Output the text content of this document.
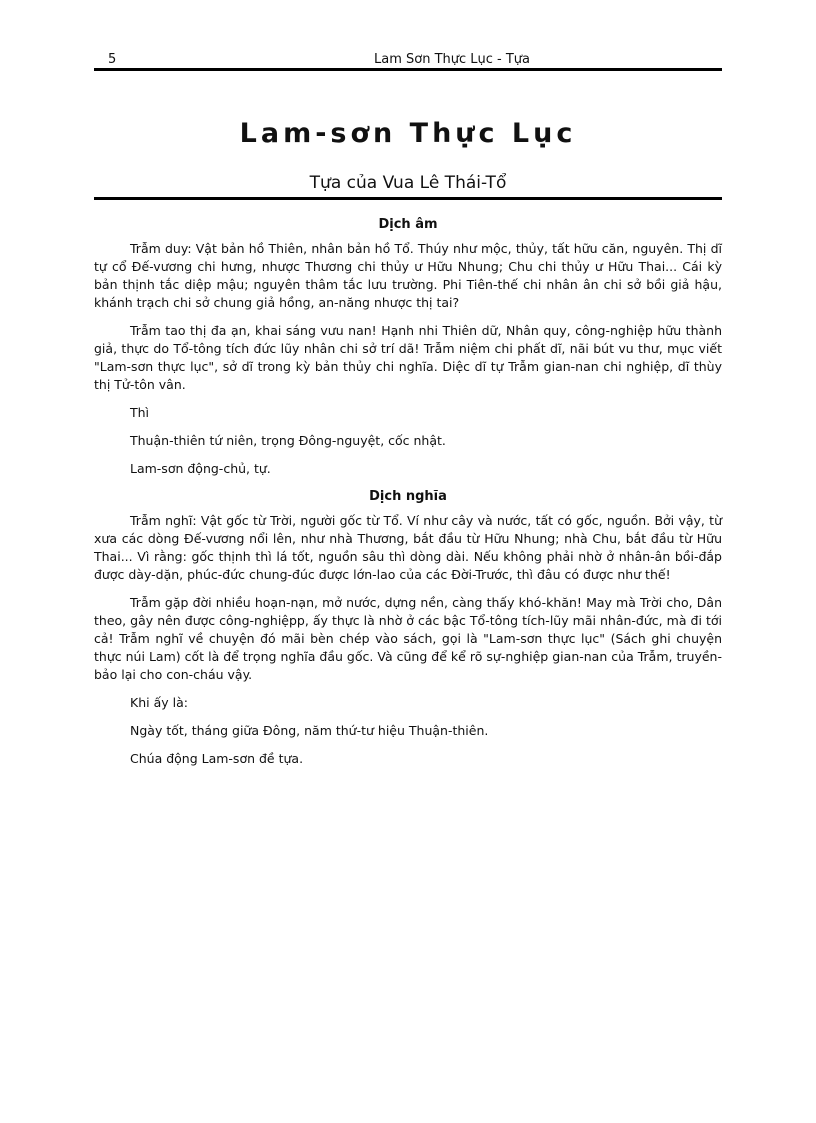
5	Lam Sơn Thực Lục - Tựa
Lam-sơn Thực Lục
Tựa của Vua Lê Thái-Tổ
Dịch âm

Trẫm duy: Vật bản hồ Thiên, nhân bản hồ Tổ. Thúy như mộc, thủy, tất hữu căn, nguyên. Thị dĩ tự cổ Đế-vương chi hưng, nhược Thương chi thủy ư Hữu Nhung; Chu chi thủy ư Hữu Thai... Cái kỳ bản thịnh tắc diệp mậu; nguyên thâm tắc lưu trường. Phi Tiên-thế chi nhân ân chi sở bồi giả hậu, khánh trạch chi sở chung giả hồng, an-năng nhược thị tai?

Trẫm tao thị đa ạn, khai sáng vưu nan! Hạnh nhi Thiên dữ, Nhân quy, công-nghiệp hữu thành giả, thực do Tổ-tông tích đức lũy nhân chi sở trí dã! Trẫm niệm chi phất dĩ, nãi bút vu thư, mục viết "Lam-sơn thực lục", sở dĩ trong kỳ bản thủy chi nghĩa. Diệc dĩ tự Trẫm gian-nan chi nghiệp, dĩ thùy thị Tử-tôn vân.

Thì

Thuận-thiên tứ niên, trọng Đông-nguyệt, cốc nhật.

Lam-sơn động-chủ, tự.

Dịch nghĩa

Trẫm nghĩ: Vật gốc từ Trời, người gốc từ Tổ. Ví như cây và nước, tất có gốc, nguồn. Bởi vậy, từ xưa các dòng Đế-vương nổi lên, như nhà Thương, bắt đầu từ Hữu Nhung; nhà Chu, bắt đầu từ Hữu Thai... Vì rằng: gốc thịnh thì lá tốt, nguồn sâu thì dòng dài. Nếu không phải nhờ ở nhân-ân bồi-đắp được dày-dặn, phúc-đức chung-đúc được lớn-lao của các Đời-Trước, thì đâu có được như thế!

Trẫm gặp đời nhiều hoạn-nạn, mở nước, dựng nền, càng thấy khó-khăn! May mà Trời cho, Dân theo, gây nên được công-nghiệpp, ấy thực là nhờ ở các bậc Tổ-tông tích-lũy mãi nhân-đức, mà đi tới cả! Trẫm nghĩ về chuyện đó mãi bèn chép vào sách, gọi là "Lam-sơn thực lục" (Sách ghi chuyện thực núi Lam) cốt là để trọng nghĩa đầu gốc. Và cũng để kể rõ sự-nghiệp gian-nan của Trẫm, truyền-bảo lại cho con-cháu vậy.

Khi ấy là:

Ngày tốt, tháng giữa Đông, năm thứ-tư hiệu Thuận-thiên.

Chúa động Lam-sơn đề tựa.
